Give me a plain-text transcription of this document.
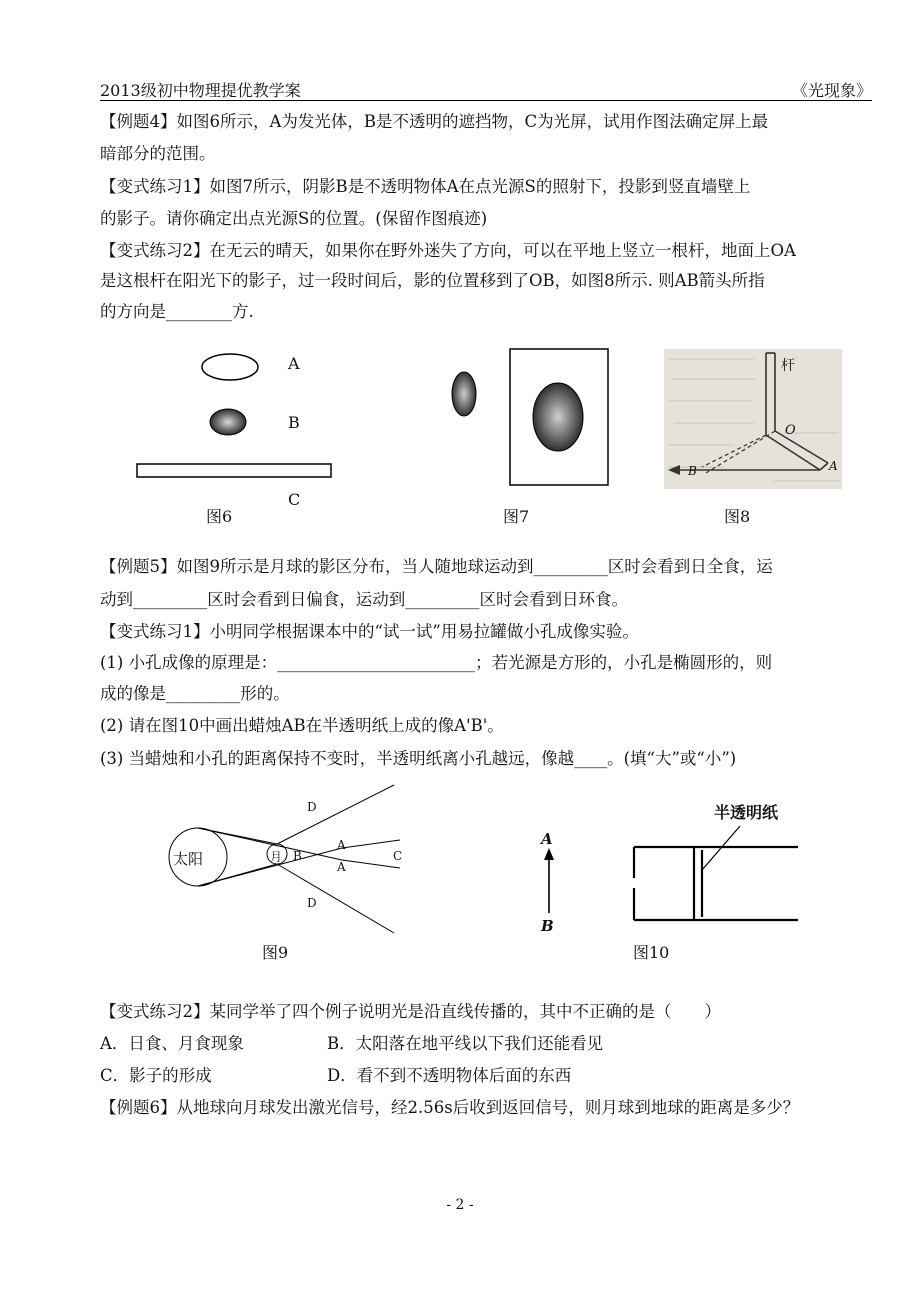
2013级初中物理提优教学案	《光现象》
【例题4】如图6所示，A为发光体，B是不透明的遮挡物，C为光屏，试用作图法确定屏上最
暗部分的范围。
【变式练习1】如图7所示，阴影B是不透明物体A在点光源S的照射下，投影到竖直墙壁上
的影子。请你确定出点光源S的位置。(保留作图痕迹)
【变式练习2】在无云的晴天，如果你在野外迷失了方向，可以在平地上竖立一根杆，地面上OA
是这根杆在阳光下的影子，过一段时间后，影的位置移到了OB，如图8所示. 则AB箭头所指
的方向是________方.
A
B
C
图6	图7
杆
O
A
B
图8
【例题5】如图9所示是月球的影区分布，当人随地球运动到_________区时会看到日全食，运
动到_________区时会看到日偏食，运动到_________区时会看到日环食。
【变式练习1】小明同学根据课本中的“试一试”用易拉罐做小孔成像实验。
(1) 小孔成像的原理是：________________________；若光源是方形的，小孔是椭圆形的，则
成的像是_________形的。
(2) 请在图10中画出蜡烛AB在半透明纸上成的像A'B'。
(3) 当蜡烛和小孔的距离保持不变时，半透明纸离小孔越远，像越____。(填“大”或“小”)
太阳	月 B
A
A
C
D
D
图9
半透明纸
A
B
图10
【变式练习2】某同学举了四个例子说明光是沿直线传播的，其中不正确的是（　　）
A．日食、月食现象	B．太阳落在地平线以下我们还能看见
C．影子的形成	D．看不到不透明物体后面的东西
【例题6】从地球向月球发出激光信号，经2.56s后收到返回信号，则月球到地球的距离是多少？
- 2 -
